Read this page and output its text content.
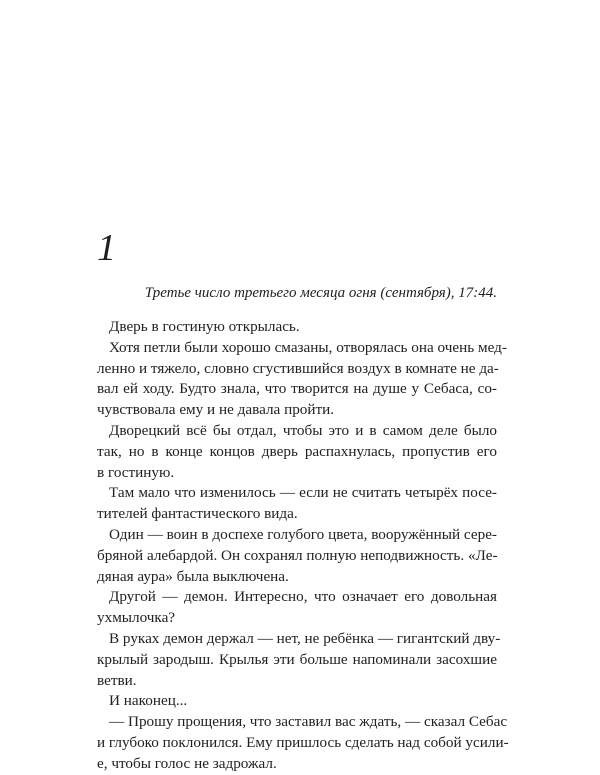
1
Третье число третьего месяца огня (сентября), 17:44.
Дверь в гостиную открылась.
Хотя петли были хорошо смазаны, отворялась она очень мед-
ленно и тяжело, словно сгустившийся воздух в комнате не да-
вал ей ходу. Будто знала, что творится на душе у Себаса, со-
чувствовала ему и не давала пройти.
Дворецкий всё бы отдал, чтобы это и в самом деле было
так, но в конце концов дверь распахнулась, пропустив его
в гостиную.
Там мало что изменилось — если не считать четырёх посе-
тителей фантастического вида.
Один — воин в доспехе голубого цвета, вооружённый сере-
бряной алебардой. Он сохранял полную неподвижность. «Ле-
дяная аура» была выключена.
Другой — демон. Интересно, что означает его довольная
ухмылочка?
В руках демон держал — нет, не ребёнка — гигантский дву-
крылый зародыш. Крылья эти больше напоминали засохшие
ветви.
И наконец...
— Прошу прощения, что заставил вас ждать, — сказал Себас
и глубоко поклонился. Ему пришлось сделать над собой усили-
е, чтобы голос не задрожал.
